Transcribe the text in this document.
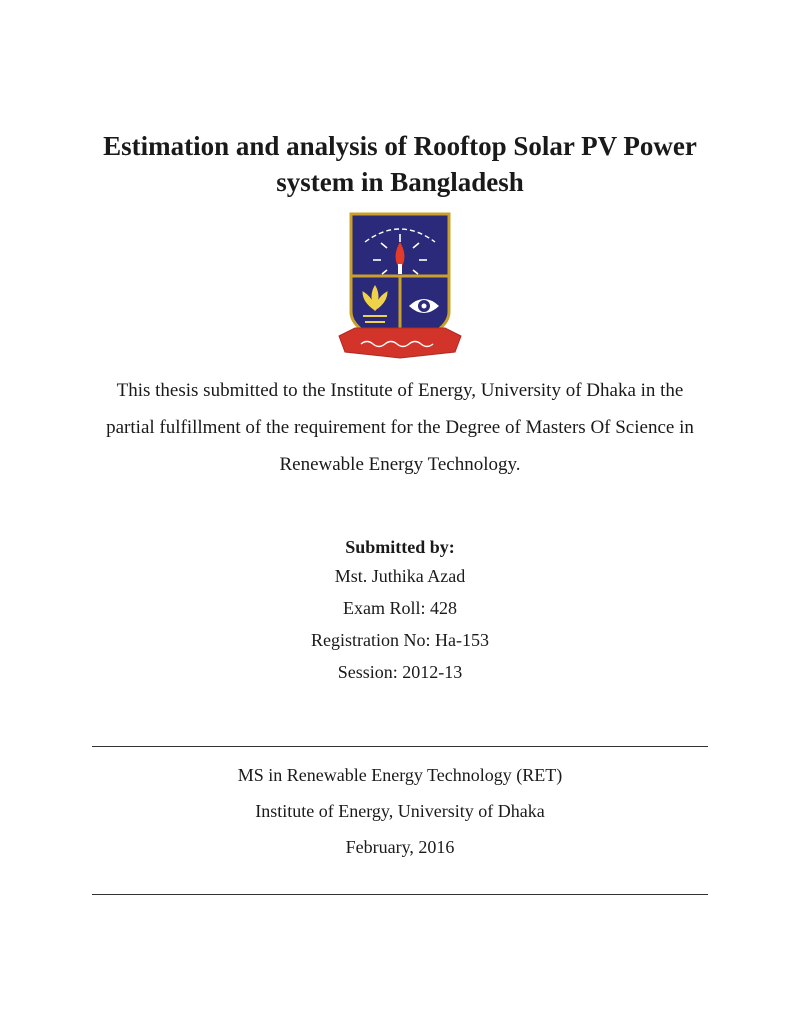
Estimation and analysis of Rooftop Solar PV Power
system in Bangladesh
This thesis submitted to the Institute of Energy, University of Dhaka in the
partial fulfillment of the requirement for the Degree of Masters Of Science in
Renewable Energy Technology.
Submitted by:
Mst. Juthika Azad
Exam Roll: 428
Registration No: Ha-153
Session: 2012-13
MS in Renewable Energy Technology (RET)
Institute of Energy, University of Dhaka
February, 2016
